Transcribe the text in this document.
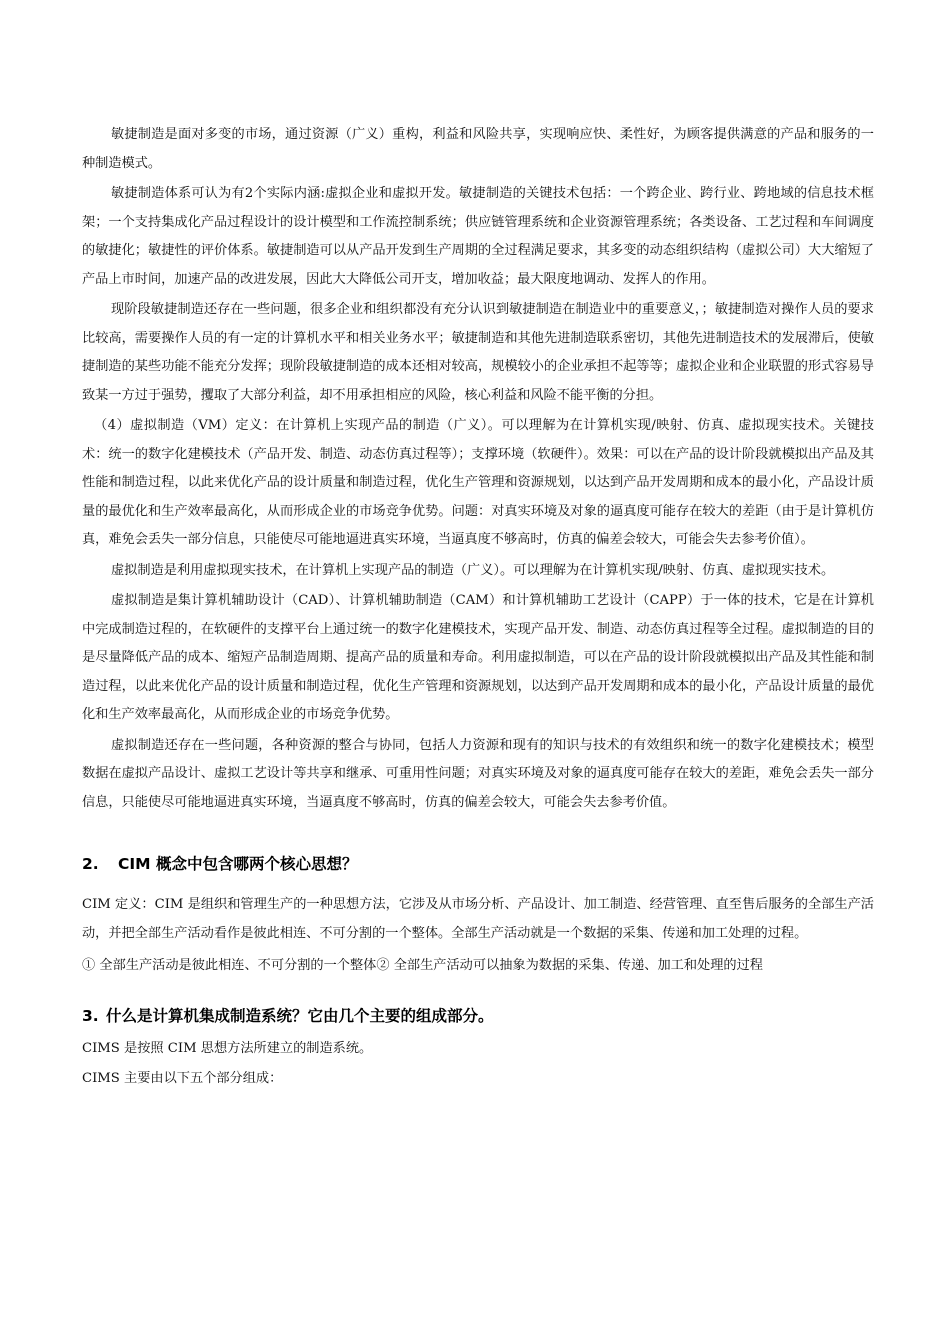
敏捷制造是面对多变的市场，通过资源（广义）重构，利益和风险共享，实现响应快、柔性好，为顾客提供满意的产品和服务的一种制造模式。

敏捷制造体系可认为有2个实际内涵:虚拟企业和虚拟开发。敏捷制造的关键技术包括：一个跨企业、跨行业、跨地域的信息技术框架；一个支持集成化产品过程设计的设计模型和工作流控制系统；供应链管理系统和企业资源管理系统；各类设备、工艺过程和车间调度的敏捷化；敏捷性的评价体系。敏捷制造可以从产品开发到生产周期的全过程满足要求，其多变的动态组织结构（虚拟公司）大大缩短了产品上市时间，加速产品的改进发展，因此大大降低公司开支，增加收益；最大限度地调动、发挥人的作用。

现阶段敏捷制造还存在一些问题，很多企业和组织都没有充分认识到敏捷制造在制造业中的重要意义，；敏捷制造对操作人员的要求比较高，需要操作人员的有一定的计算机水平和相关业务水平；敏捷制造和其他先进制造联系密切，其他先进制造技术的发展滞后，使敏捷制造的某些功能不能充分发挥；现阶段敏捷制造的成本还相对较高，规模较小的企业承担不起等等；虚拟企业和企业联盟的形式容易导致某一方过于强势，攫取了大部分利益，却不用承担相应的风险，核心利益和风险不能平衡的分担。

（4）虚拟制造（VM）定义：在计算机上实现产品的制造（广义）。可以理解为在计算机实现/映射、仿真、虚拟现实技术。关键技术：统一的数字化建模技术（产品开发、制造、动态仿真过程等）；支撑环境（软硬件）。效果：可以在产品的设计阶段就模拟出产品及其性能和制造过程，以此来优化产品的设计质量和制造过程，优化生产管理和资源规划，以达到产品开发周期和成本的最小化，产品设计质量的最优化和生产效率最高化，从而形成企业的市场竞争优势。问题：对真实环境及对象的逼真度可能存在较大的差距（由于是计算机仿真，难免会丢失一部分信息，只能使尽可能地逼进真实环境，当逼真度不够高时，仿真的偏差会较大，可能会失去参考价值）。

虚拟制造是利用虚拟现实技术，在计算机上实现产品的制造（广义）。可以理解为在计算机实现/映射、仿真、虚拟现实技术。

虚拟制造是集计算机辅助设计（CAD）、计算机辅助制造（CAM）和计算机辅助工艺设计（CAPP）于一体的技术，它是在计算机中完成制造过程的，在软硬件的支撑平台上通过统一的数字化建模技术，实现产品开发、制造、动态仿真过程等全过程。虚拟制造的目的是尽量降低产品的成本、缩短产品制造周期、提高产品的质量和寿命。利用虚拟制造，可以在产品的设计阶段就模拟出产品及其性能和制造过程，以此来优化产品的设计质量和制造过程，优化生产管理和资源规划，以达到产品开发周期和成本的最小化，产品设计质量的最优化和生产效率最高化，从而形成企业的市场竞争优势。

虚拟制造还存在一些问题，各种资源的整合与协同，包括人力资源和现有的知识与技术的有效组织和统一的数字化建模技术；模型数据在虚拟产品设计、虚拟工艺设计等共享和继承、可重用性问题；对真实环境及对象的逼真度可能存在较大的差距，难免会丢失一部分信息，只能使尽可能地逼进真实环境，当逼真度不够高时，仿真的偏差会较大，可能会失去参考价值。

2. CIM 概念中包含哪两个核心思想？

CIM 定义：CIM 是组织和管理生产的一种思想方法，它涉及从市场分析、产品设计、加工制造、经营管理、直至售后服务的全部生产活动，并把全部生产活动看作是彼此相连、不可分割的一个整体。全部生产活动就是一个数据的采集、传递和加工处理的过程。

① 全部生产活动是彼此相连、不可分割的一个整体② 全部生产活动可以抽象为数据的采集、传递、加工和处理的过程

3. 什么是计算机集成制造系统？它由几个主要的组成部分。

CIMS 是按照 CIM 思想方法所建立的制造系统。

CIMS 主要由以下五个部分组成：
